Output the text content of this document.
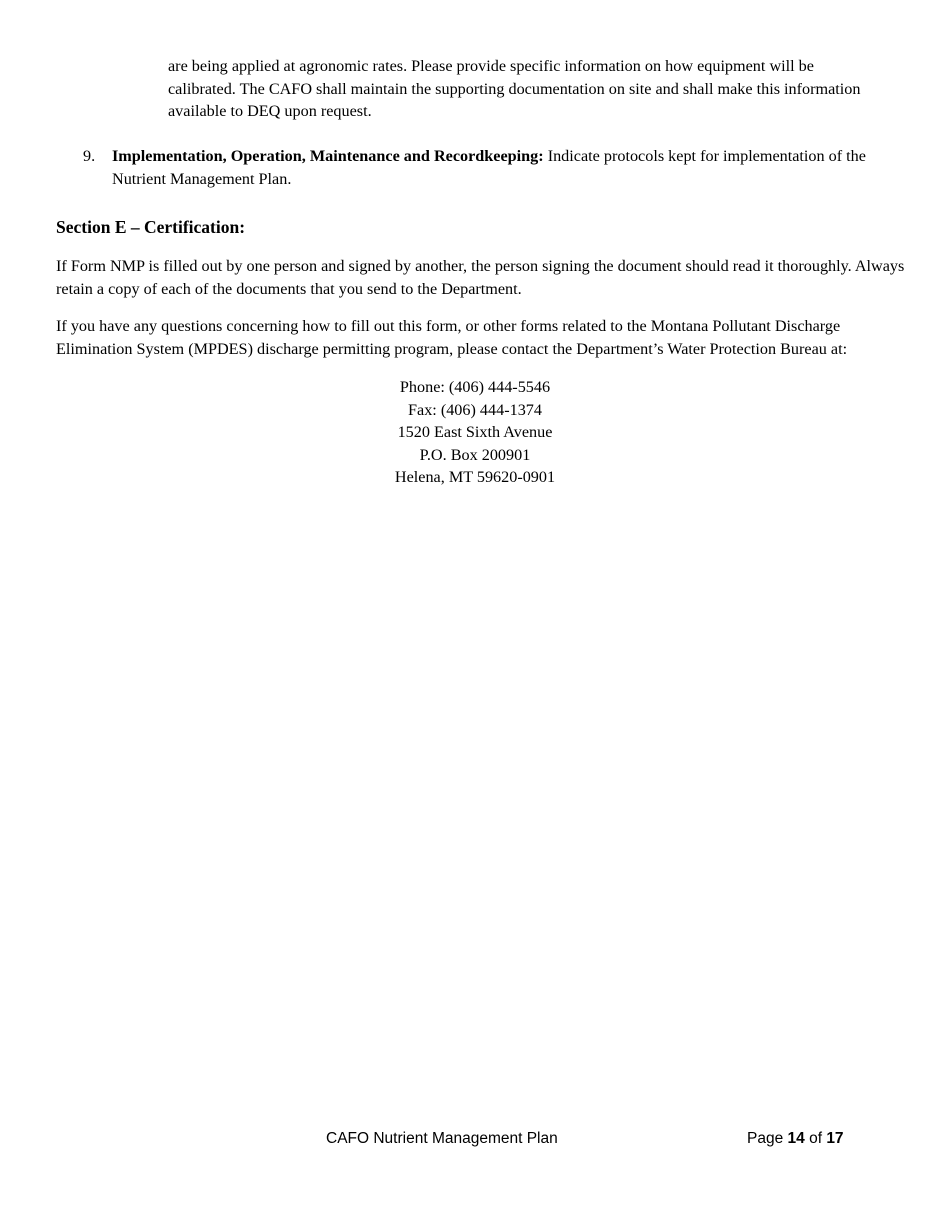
are being applied at agronomic rates. Please provide specific information on how equipment will be calibrated. The CAFO shall maintain the supporting documentation on site and shall make this information available to DEQ upon request.

9. Implementation, Operation, Maintenance and Recordkeeping: Indicate protocols kept for implementation of the Nutrient Management Plan.
Section E – Certification:

If Form NMP is filled out by one person and signed by another, the person signing the document should read it thoroughly. Always retain a copy of each of the documents that you send to the Department.

If you have any questions concerning how to fill out this form, or other forms related to the Montana Pollutant Discharge Elimination System (MPDES) discharge permitting program, please contact the Department’s Water Protection Bureau at:

Phone: (406) 444-5546
Fax: (406) 444-1374
1520 East Sixth Avenue
P.O. Box 200901
Helena, MT 59620-0901
CAFO Nutrient Management Plan	Page 14 of 17
